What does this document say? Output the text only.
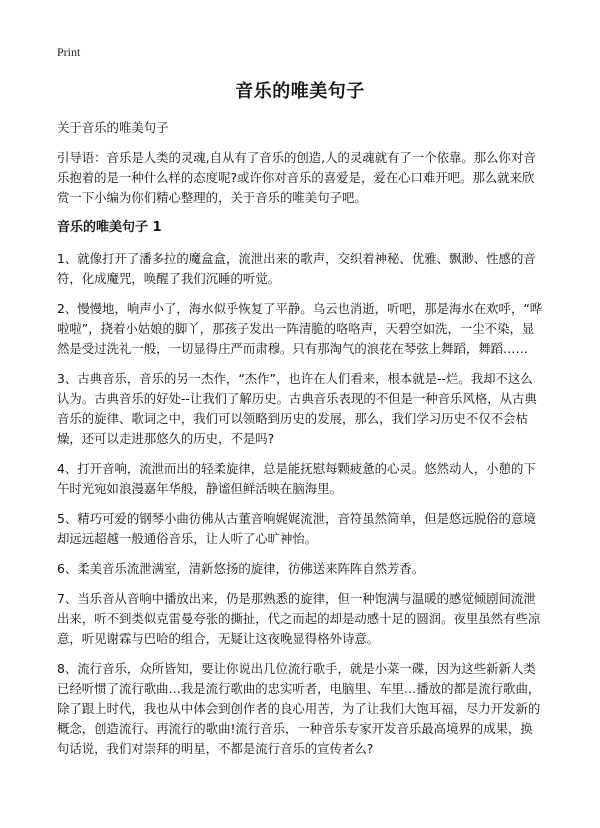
Print
音乐的唯美句子

关于音乐的唯美句子

引导语：音乐是人类的灵魂,自从有了音乐的创造,人的灵魂就有了一个依靠。那么你对音乐抱着的是一种什么样的态度呢?或许你对音乐的喜爱是，爱在心口难开吧。那么就来欣赏一下小编为你们精心整理的，关于音乐的唯美句子吧。

音乐的唯美句子 1

1、就像打开了潘多拉的魔盒盒，流泄出来的歌声，交织着神秘、优雅、飘渺、性感的音符，化成魔咒，唤醒了我们沉睡的听觉。

2、慢慢地，响声小了，海水似乎恢复了平静。乌云也消逝，听吧，那是海水在欢呼，“哗啦啦”，挠着小姑娘的脚丫，那孩子发出一阵清脆的咯咯声，天碧空如洗，一尘不染，显然是受过洗礼一般，一切显得庄严而肃穆。只有那淘气的浪花在琴弦上舞蹈，舞蹈……

3、古典音乐，音乐的另一杰作，“杰作”，也许在人们看来，根本就是--烂。我却不这么认为。古典音乐的好处--让我们了解历史。古典音乐表现的不但是一种音乐风格，从古典音乐的旋律、歌词之中，我们可以领略到历史的发展，那么，我们学习历史不仅不会枯燥，还可以走进那悠久的历史，不是吗?

4、打开音响，流泄而出的轻柔旋律，总是能抚慰每颗疲惫的心灵。悠然动人，小憩的下午时光宛如浪漫嘉年华般，静谧但鲜活映在脑海里。

5、精巧可爱的钢琴小曲彷佛从古董音响娓娓流泄，音符虽然简单，但是悠远脱俗的意境却远远超越一般通俗音乐，让人听了心旷神怡。

6、柔美音乐流泄满室，清新悠扬的旋律，彷佛送来阵阵自然芳香。

7、当乐音从音响中播放出来，仍是那熟悉的旋律，但一种饱满与温暖的感觉倾剧间流泄出来，听不到类似克雷曼夸张的撕扯，代之而起的却是动感十足的圆润。夜里虽然有些凉意，听见谢霖与巴哈的组合，无疑让这夜晚显得格外诗意。

8、流行音乐，众所皆知，要让你说出几位流行歌手，就是小菜一碟，因为这些新新人类已经听惯了流行歌曲…我是流行歌曲的忠实听者，电脑里、车里…播放的都是流行歌曲，除了跟上时代，我也从中体会到创作者的良心用苦，为了让我们大饱耳福，尽力开发新的概念，创造流行、再流行的歌曲!流行音乐，一种音乐专家开发音乐最高境界的成果，换句话说，我们对崇拜的明星，不都是流行音乐的宣传者么?
